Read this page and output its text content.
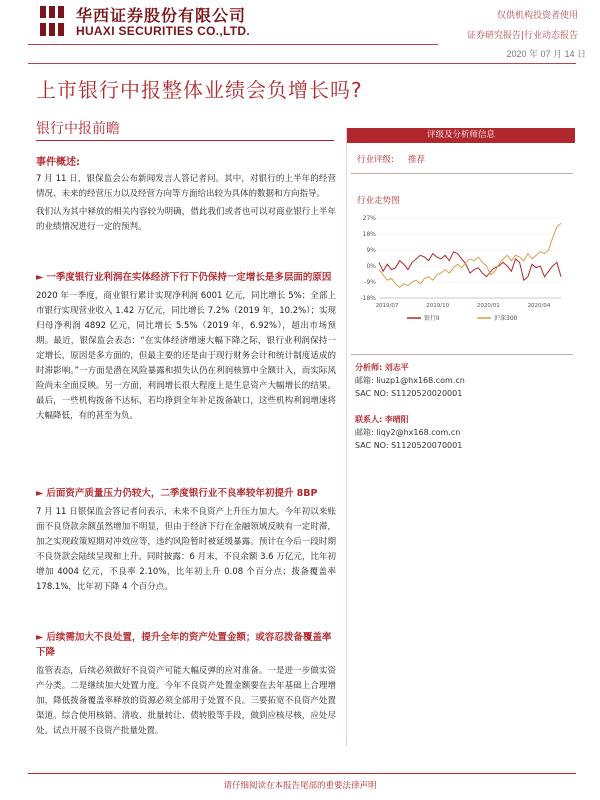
华西证券股份有限公司
HUAXI SECURITIES CO.,LTD.
仅供机构投资者使用
证券研究报告|行业动态报告
2020 年 07 月 14 日
上市银行中报整体业绩会负增长吗?
银行中报前瞻
事件概述:
7 月 11 日，银保监会公布新闻发言人答记者问。其中，对银行的上半年的经营情况、未来的经营压力以及经营方向等方面给出较为具体的数据和方向指导。
我们认为其中释放的相关内容较为明确，借此我们或者也可以对商业银行上半年的业绩情况进行一定的预判。
► 一季度银行业利润在实体经济下行下仍保持一定增长是多层面的原因
2020 年一季度，商业银行累计实现净利润 6001 亿元，同比增长 5%；全部上市银行实现营业收入 1.42 万亿元，同比增长 7.2%（2019 年，10.2%）；实现归母净利润 4892 亿元，同比增长 5.5%（2019 年，6.92%），超出市场预期。最近，银保监会表态：“在实体经济增速大幅下降之际，银行业利润保持一定增长，原因是多方面的，但最主要的还是由于现行财务会计和统计制度适成的时滞影响。”一方面是潜在风险暴露和损失认仍在利润核算中全额计入，而实际风险尚未全面反映。另一方面，利润增长很大程度上是生息资产大幅增长的结果。最后，一些机构拨备不达标，若均挣到全年补足拨备缺口，这些机构利润增速将大幅降低，有的甚至为负。
► 后面资产质量压力仍较大，二季度银行业不良率较年初提升 8BP
7 月 11 日银保监会答记者问表示，未来不良资产上升压力加大。今年初以来账面不良贷款余额虽然增加不明显，但由于经济下行在金融领域反映有一定时滞，加之实现政策短期对冲效应等，违约风险暂时被延缓暴露。预计在今后一段时期不良贷款会陆续呈现和上升。同时披露：6 月末，不良余额 3.6 万亿元，比年初增加 4004 亿元，不良率 2.10%，比年初上升 0.08 个百分点；拨备覆盖率 178.1%，比年初下降 4 个百分点。
► 后续需加大不良处置，提升全年的资产处置金额；或容忍拨备覆盖率下降
监管表态，后续必须做好不良资产可能大幅反弹的应对准备。一是进一步做实资产分类。二是继续加大处置力度。今年不良资产处置金额要在去年基础上合理增加，降低拨备覆盖率释放的资源必须全部用于处置不良。三要拓宽不良资产处置渠道。综合使用核销、清收、批量转让、债转股等手段，做到应核尽核，应处尽处。试点开展不良资产批量处置。
评级及分析师信息
行业评级: 推荐
行业走势图
27%
18%
9%
0%
-9%
-18%
2019/07	2019/10	2020/01	2020/04
银行II	沪深300
分析师: 刘志平
邮箱: liuzp1@hx168.com.cn
SAC NO: S1120520020001
联系人: 李晴阳
邮箱: liqy2@hx168.com.cn
SAC NO: S1120520070001
请仔细阅读在本报告尾部的重要法律声明
